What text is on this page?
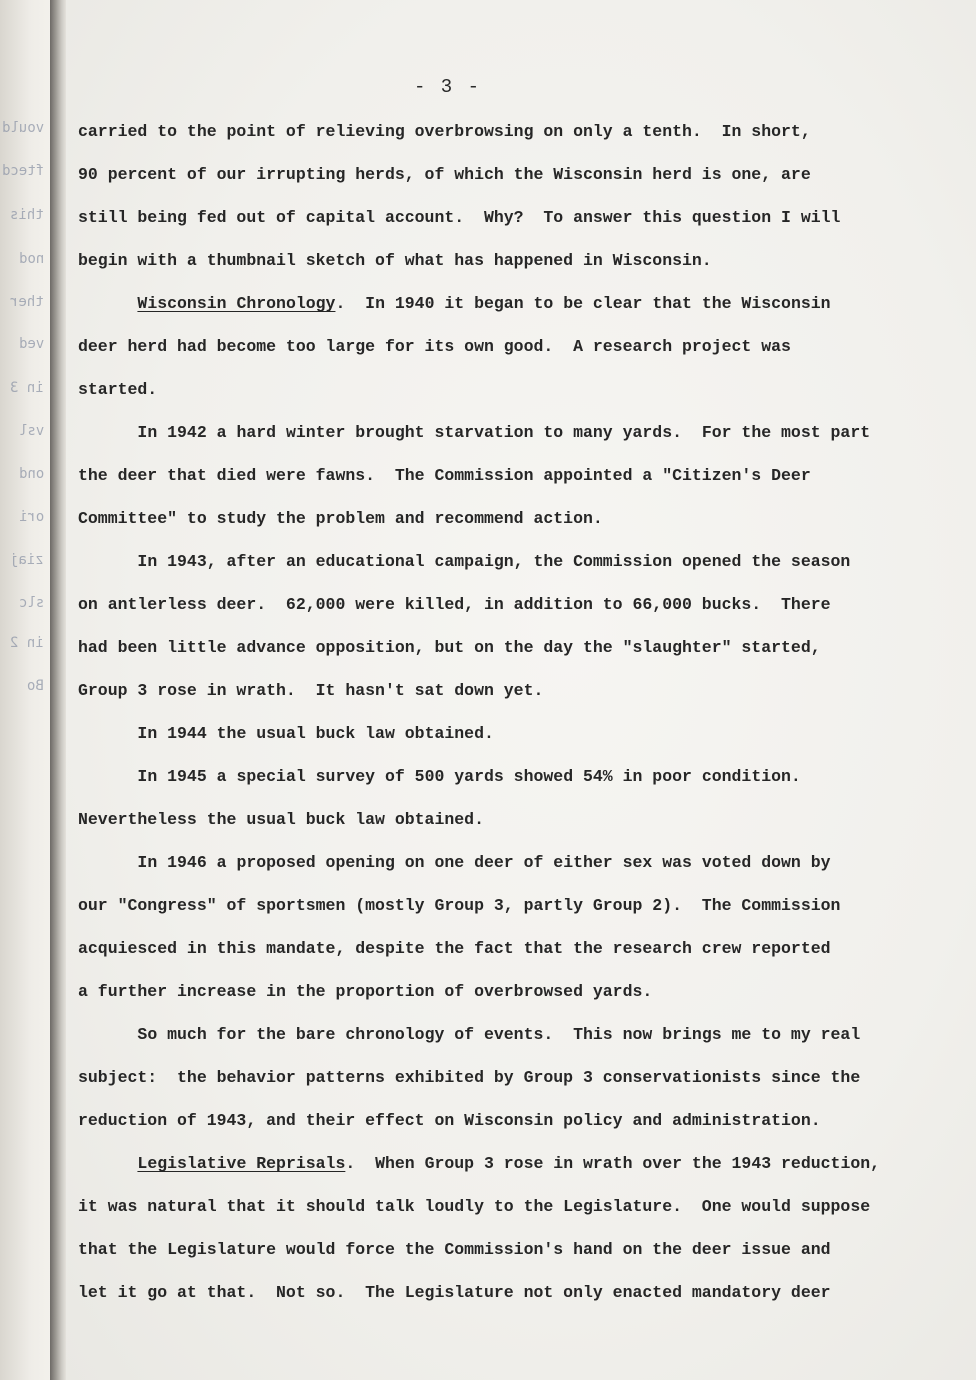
vould
ftecd
this
nod
ther
ved
in 3
vsl
ond
ori
ziaj
slc
in 2
Bo
- 3 -
carried to the point of relieving overbrowsing on only a tenth.  In short,
90 percent of our irrupting herds, of which the Wisconsin herd is one, are
still being fed out of capital account.  Why?  To answer this question I will
begin with a thumbnail sketch of what has happened in Wisconsin.
Wisconsin Chronology.  In 1940 it began to be clear that the Wisconsin
deer herd had become too large for its own good.  A research project was
started.
In 1942 a hard winter brought starvation to many yards.  For the most part
the deer that died were fawns.  The Commission appointed a "Citizen's Deer
Committee" to study the problem and recommend action.
In 1943, after an educational campaign, the Commission opened the season
on antlerless deer.  62,000 were killed, in addition to 66,000 bucks.  There
had been little advance opposition, but on the day the "slaughter" started,
Group 3 rose in wrath.  It hasn't sat down yet.
In 1944 the usual buck law obtained.
In 1945 a special survey of 500 yards showed 54% in poor condition.
Nevertheless the usual buck law obtained.
In 1946 a proposed opening on one deer of either sex was voted down by
our "Congress" of sportsmen (mostly Group 3, partly Group 2).  The Commission
acquiesced in this mandate, despite the fact that the research crew reported
a further increase in the proportion of overbrowsed yards.
So much for the bare chronology of events.  This now brings me to my real
subject:  the behavior patterns exhibited by Group 3 conservationists since the
reduction of 1943, and their effect on Wisconsin policy and administration.
Legislative Reprisals.  When Group 3 rose in wrath over the 1943 reduction,
it was natural that it should talk loudly to the Legislature.  One would suppose
that the Legislature would force the Commission's hand on the deer issue and
let it go at that.  Not so.  The Legislature not only enacted mandatory deer
